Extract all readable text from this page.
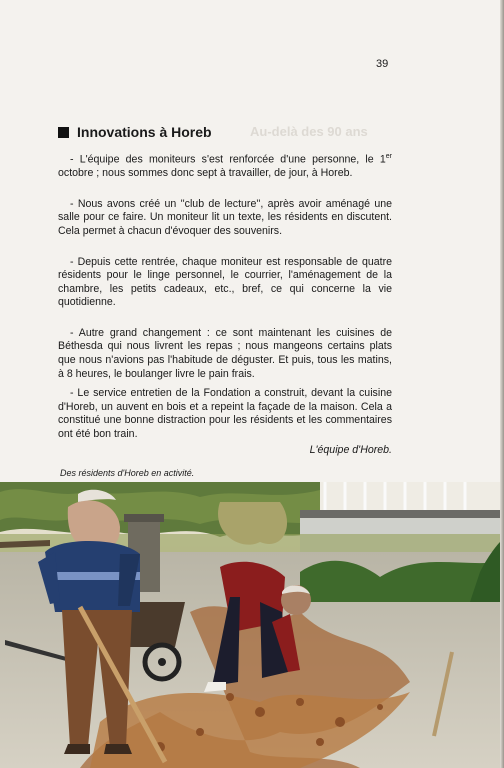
39
Au-delà des 90 ans
Innovations à Horeb

- L'équipe des moniteurs s'est renforcée d'une personne, le 1er octobre ; nous sommes donc sept à travailler, de jour, à Horeb.

- Nous avons créé un ''club de lecture'', après avoir aménagé une salle pour ce faire. Un moniteur lit un texte, les résidents en discutent. Cela permet à chacun d'évoquer des souvenirs.

- Depuis cette rentrée, chaque moniteur est responsable de quatre résidents pour le linge personnel, le courrier, l'aménagement de la chambre, les petits cadeaux, etc., bref, ce qui concerne la vie quotidienne.

- Autre grand changement : ce sont maintenant les cuisines de Béthesda qui nous livrent les repas ; nous mangeons certains plats que nous n'avions pas l'habitude de déguster. Et puis, tous les matins, à 8 heures, le boulanger livre le pain frais.

- Le service entretien de la Fondation a construit, devant la cuisine d'Horeb, un auvent en bois et a repeint la façade de la maison. Cela a constitué une bonne distraction pour les résidents et les commentaires ont été bon train.

L'équipe d'Horeb.

Des résidents d'Horeb en activité.
